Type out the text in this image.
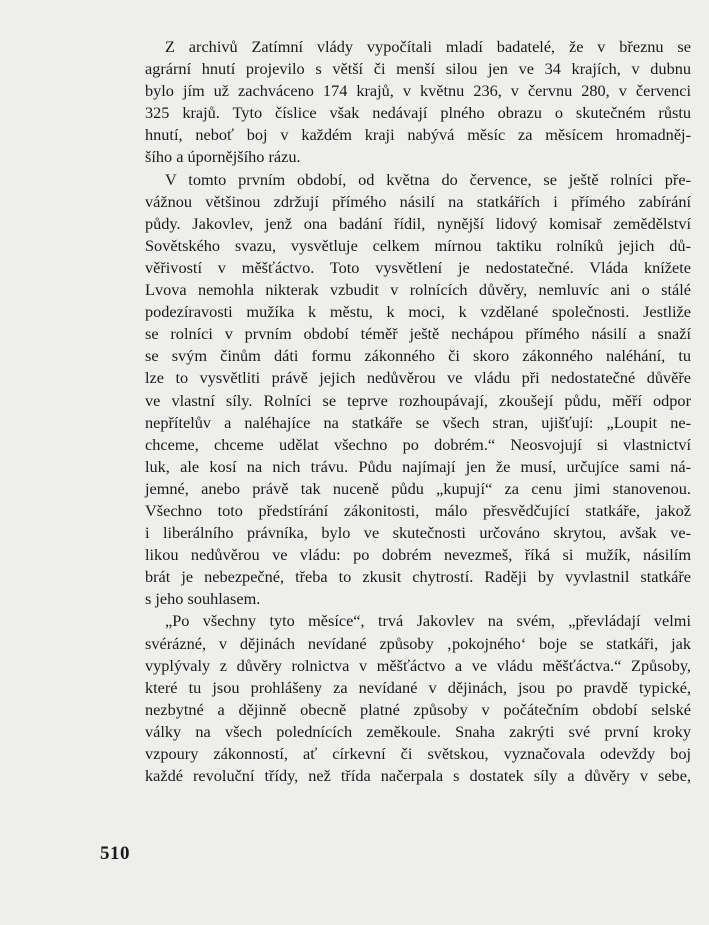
Z archivů Zatímní vlády vypočítali mladí badatelé, že v březnu se
agrární hnutí projevilo s větší či menší silou jen ve 34 krajích, v dubnu
bylo jím už zachváceno 174 krajů, v květnu 236, v červnu 280, v červenci
325 krajů. Tyto číslice však nedávají plného obrazu o skutečném růstu
hnutí, neboť boj v každém kraji nabývá měsíc za měsícem hromadněj-
šího a úpornějšího rázu.
V tomto prvním období, od května do července, se ještě rolníci pře-
vážnou většinou zdržují přímého násilí na statkářích i přímého zabírání
půdy. Jakovlev, jenž ona badání řídil, nynější lidový komisař zemědělství
Sovětského svazu, vysvětluje celkem mírnou taktiku rolníků jejich dů-
věřivostí v měšťáctvo. Toto vysvětlení je nedostatečné. Vláda knížete
Lvova nemohla nikterak vzbudit v rolnících důvěry, nemluvíc ani o stálé
podezíravosti mužíka k městu, k moci, k vzdělané společnosti. Jestliže
se rolníci v prvním období téměř ještě nechápou přímého násilí a snaží
se svým činům dáti formu zákonného či skoro zákonného naléhání, tu
lze to vysvětliti právě jejich nedůvěrou ve vládu při nedostatečné důvěře
ve vlastní síly. Rolníci se teprve rozhoupávají, zkoušejí půdu, měří odpor
nepřítelův a naléhajíce na statkáře se všech stran, ujišťují: „Loupit ne-
chceme, chceme udělat všechno po dobrém.“ Neosvojují si vlastnictví
luk, ale kosí na nich trávu. Půdu najímají jen že musí, určujíce sami ná-
jemné, anebo právě tak nuceně půdu „kupují“ za cenu jimi stanovenou.
Všechno toto předstírání zákonitosti, málo přesvědčující statkáře, jakož
i liberálního právníka, bylo ve skutečnosti určováno skrytou, avšak ve-
likou nedůvěrou ve vládu: po dobrém nevezmeš, říká si mužík, násilím
brát je nebezpečné, třeba to zkusit chytrostí. Raději by vyvlastnil statkáře
s jeho souhlasem.
„Po všechny tyto měsíce“, trvá Jakovlev na svém, „převládají velmi
svérázné, v dějinách nevídané způsoby ‚pokojného‘ boje se statkáři, jak
vyplývaly z důvěry rolnictva v měšťáctvo a ve vládu měšťáctva.“ Způsoby,
které tu jsou prohlášeny za nevídané v dějinách, jsou po pravdě typické,
nezbytné a dějinně obecně platné způsoby v počátečním období selské
války na všech polednících zeměkoule. Snaha zakrýti své první kroky
vzpoury zákonností, ať církevní či světskou, vyznačovala odevždy boj
každé revoluční třídy, než třída načerpala s dostatek síly a důvěry v sebe,
510
